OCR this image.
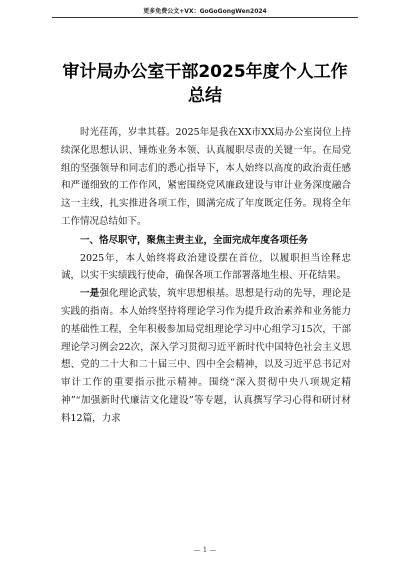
更多免费公文+VX：GoGoGongWen2024
审计局办公室干部2025年度个人工作总结

时光荏苒，岁聿其暮。2025年是我在XX市XX局办公室岗位上持续深化思想认识、锤炼业务本领、认真履职尽责的关键一年。在局党组的坚强领导和同志们的悉心指导下，本人始终以高度的政治责任感和严谨细致的工作作风，紧密围绕党风廉政建设与审计业务深度融合这一主线，扎实推进各项工作，圆满完成了年度既定任务。现将全年工作情况总结如下。

一、恪尽职守，聚焦主责主业，全面完成年度各项任务

2025年，本人始终将政治建设摆在首位，以履职担当诠释忠诚，以实干实绩践行使命，确保各项工作部署落地生根、开花结果。

一是强化理论武装，筑牢思想根基。思想是行动的先导，理论是实践的指南。本人始终坚持将理论学习作为提升政治素养和业务能力的基础性工程，全年积极参加局党组理论学习中心组学习15次，干部理论学习例会22次，深入学习贯彻习近平新时代中国特色社会主义思想、党的二十大和二十届三中、四中全会精神，以及习近平总书记对审计工作的重要指示批示精神。围绕“深入贯彻中央八项规定精神”“加强新时代廉洁文化建设”等专题，认真撰写学习心得和研讨材料12篇，力求

— 1 —
